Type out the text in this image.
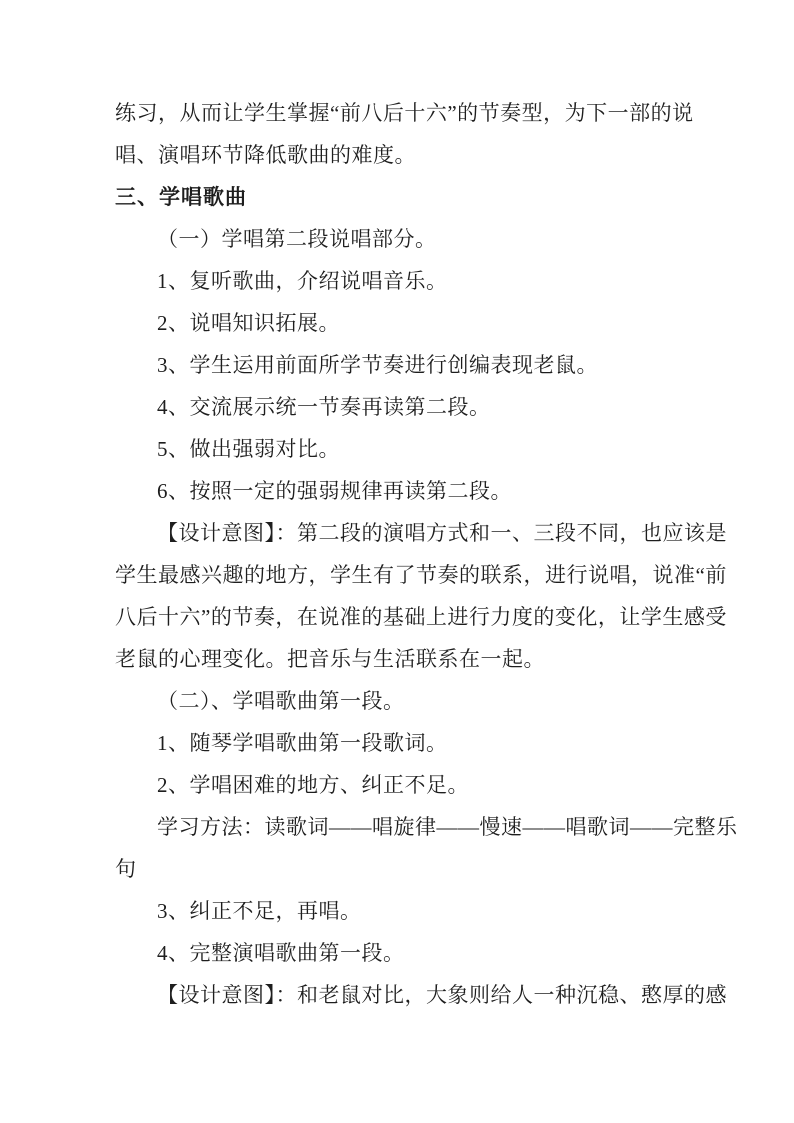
练习，从而让学生掌握“前八后十六”的节奏型，为下一部的说

唱、演唱环节降低歌曲的难度。

三、学唱歌曲

（一）学唱第二段说唱部分。

1、复听歌曲，介绍说唱音乐。

2、说唱知识拓展。

3、学生运用前面所学节奏进行创编表现老鼠。

4、交流展示统一节奏再读第二段。

5、做出强弱对比。

6、按照一定的强弱规律再读第二段。

【设计意图】：第二段的演唱方式和一、三段不同，也应该是

学生最感兴趣的地方，学生有了节奏的联系，进行说唱，说准“前

八后十六”的节奏，在说准的基础上进行力度的变化，让学生感受

老鼠的心理变化。把音乐与生活联系在一起。

（二）、学唱歌曲第一段。

1、随琴学唱歌曲第一段歌词。

2、学唱困难的地方、纠正不足。

学习方法：读歌词——唱旋律——慢速——唱歌词——完整乐

句

3、纠正不足，再唱。

4、完整演唱歌曲第一段。

【设计意图】：和老鼠对比，大象则给人一种沉稳、憨厚的感
